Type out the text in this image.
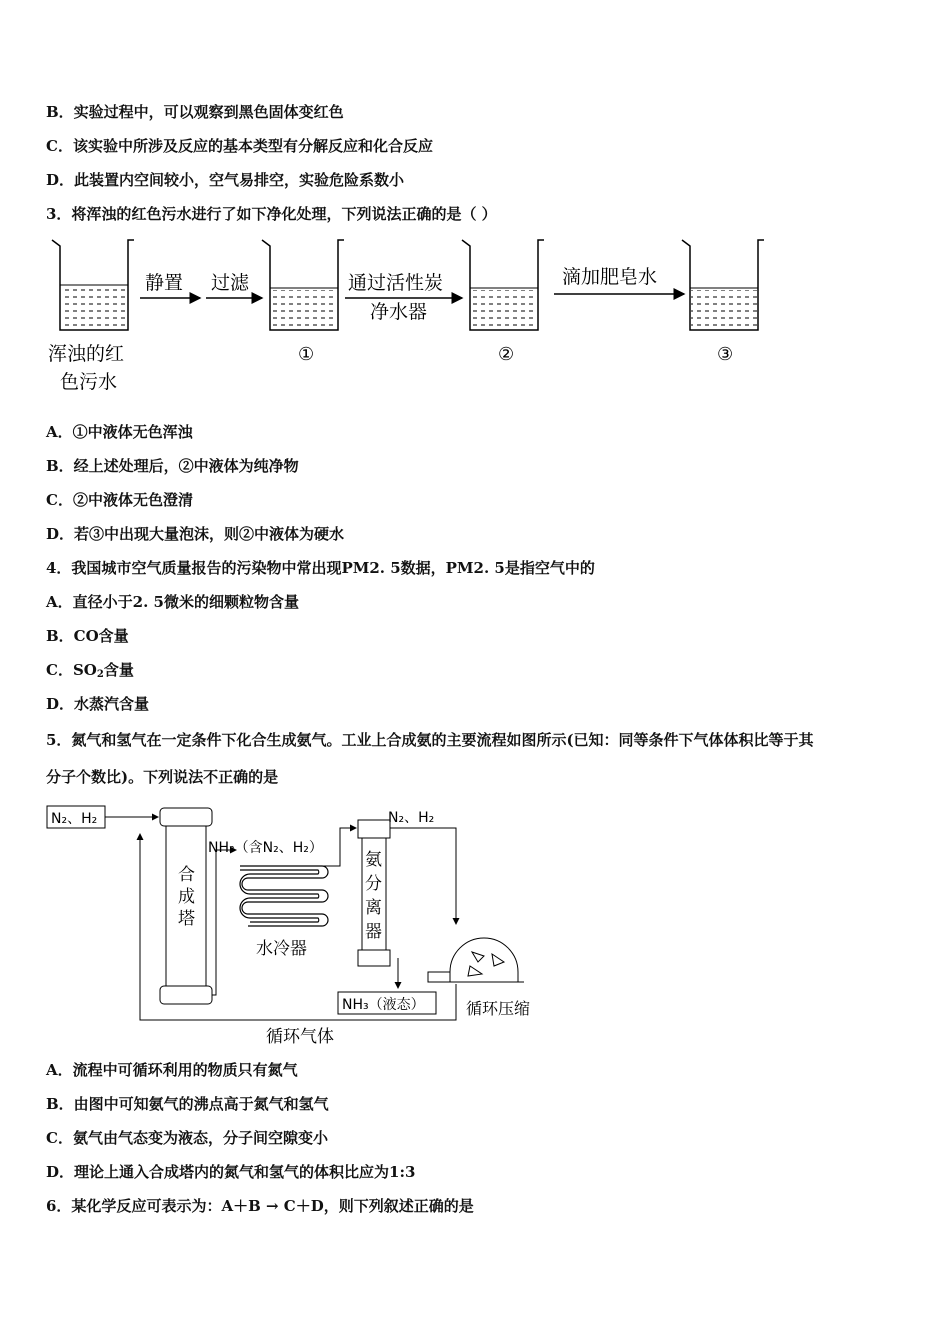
B．实验过程中，可以观察到黑色固体变红色
C．该实验中所涉及反应的基本类型有分解反应和化合反应
D．此装置内空间较小，空气易排空，实验危险系数小
3．将浑浊的红色污水进行了如下净化处理，下列说法正确的是（ ）
浑浊的红
色污水
静置 过滤
①
通过活性炭
净水器
②
滴加肥皂水
③
A．①中液体无色浑浊
B．经上述处理后，②中液体为纯净物
C．②中液体无色澄清
D．若③中出现大量泡沫，则②中液体为硬水
4．我国城市空气质量报告的污染物中常出现PM2. 5数据，PM2. 5是指空气中的
A．直径小于2. 5微米的细颗粒物含量
B．CO含量
C．$SO_2$含量
D．水蒸汽含量
5．氮气和氢气在一定条件下化合生成氨气。工业上合成氨的主要流程如图所示(已知：同等条件下气体体积比等于其
分子个数比)。下列说法不正确的是
N₂、H₂
合
成
塔
NH₃（含N₂、H₂）
水冷器
氨
分
离
器
N₂、H₂
NH₃（液态）	循环压缩
循环气体
A．流程中可循环利用的物质只有氮气
B．由图中可知氨气的沸点高于氮气和氢气
C．氨气由气态变为液态，分子间空隙变小
D．理论上通入合成塔内的氮气和氢气的体积比应为1:3
6．某化学反应可表示为：A＋B → C＋D，则下列叙述正确的是
